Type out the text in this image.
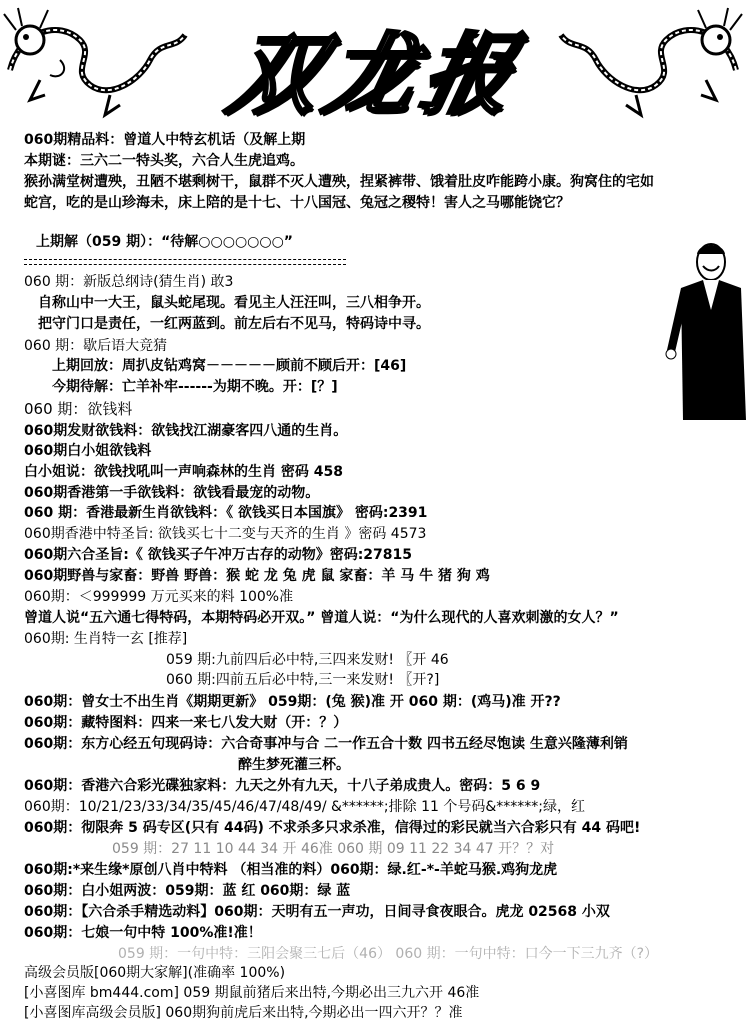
双龙报
060期精品料：曾道人中特玄机话（及解上期
本期谜：三六二一特头奖，六合人生虎追鸡。
猴孙满堂树遭殃，丑陋不堪剩树干，鼠群不灭人遭殃，捏紧裤带、饿着肚皮咋能跨小康。狗窝住的宅如
蛇宫，吃的是山珍海未，床上陪的是十七、十八国冠、兔冠之稷特！害人之马哪能饶它？
上期解（059 期）：“待解○○○○○○○”
060 期：新版总纲诗(猜生肖) 敢3
自称山中一大王，鼠头蛇尾现。看见主人汪汪叫，三八相争开。
把守门口是责任，一红两蓝到。前左后右不见马，特码诗中寻。
060 期：歇后语大竞猜
上期回放：周扒皮钻鸡窝－－－－－顾前不顾后开：[46]
今期待解：亡羊补牢------为期不晚。开：[？]
060 期：欲钱料
060期发财欲钱料：欲钱找江湖豪客四八通的生肖。
060期白小姐欲钱料
白小姐说：欲钱找吼叫一声响森林的生肖 密码 458
060期香港第一手欲钱料：欲钱看最宠的动物。
060 期：香港最新生肖欲钱料：《 欲钱买日本国旗》 密码:2391
060期香港中特圣旨: 欲钱买七十二变与天齐的生肖 》密码 4573
060期六合圣旨:《 欲钱买子午冲万古存的动物》密码:27815
060期野兽与家畜：野兽 野兽：猴 蛇 龙 兔 虎 鼠 家畜：羊 马 牛 猪 狗 鸡
060期：＜999999 万元买来的料 100%准
曾道人说“五六通七得特码，本期特码必开双。” 曾道人说：“为什么现代的人喜欢刺激的女人？”
060期: 生肖特一玄 [推荐]
059 期:九前四后必中特,三四来发财! 〖开 46
060 期:四前五后必中特,三一来发财! 〖开?]
060期：曾女士不出生肖《期期更新》 059期：(兔 猴)准 开 060 期：(鸡马)准 开??
060期：藏特图料：四来一来七八发大财（开：？）
060期：东方心经五句现码诗：六合奇事冲与合 二一作五合十数 四书五经尽饱读 生意兴隆薄利销
醉生梦死灌三杯。
060期：香港六合彩光碟独家料：九天之外有九天，十八子弟成贵人。密码：5 6 9
060期：10/21/23/33/34/35/45/46/47/48/49/ &******;排除 11 个号码&******;绿，红
060期：彻限奔 5 码专区(只有 44码) 不求杀多只求杀准，信得过的彩民就当六合彩只有 44 码吧!
059 期：27 11 10 44 34 开 46准 060 期 09 11 22 34 47 开？？对
060期:*来生缘*原创八肖中特料 （相当准的料）060期：绿.红-*-羊蛇马猴.鸡狗龙虎
060期：白小姐两波：059期：蓝 红 060期：绿 蓝
060期：【六合杀手精选动料】060期：天明有五一声功，日间寻食夜眼合。虎龙 02568 小双
060期：七娘一句中特 100%准!准！
059 期：一句中特：三阳会聚三七后（46） 060 期：一句中特：口今一下三九齐（?）
高级会员版[060期大家解](准确率 100%)
[小喜图库 bm444.com] 059 期鼠前猪后来出特,今期必出三九六开 46准
[小喜图库高级会员版] 060期狗前虎后来出特,今期必出一四六开？？准
